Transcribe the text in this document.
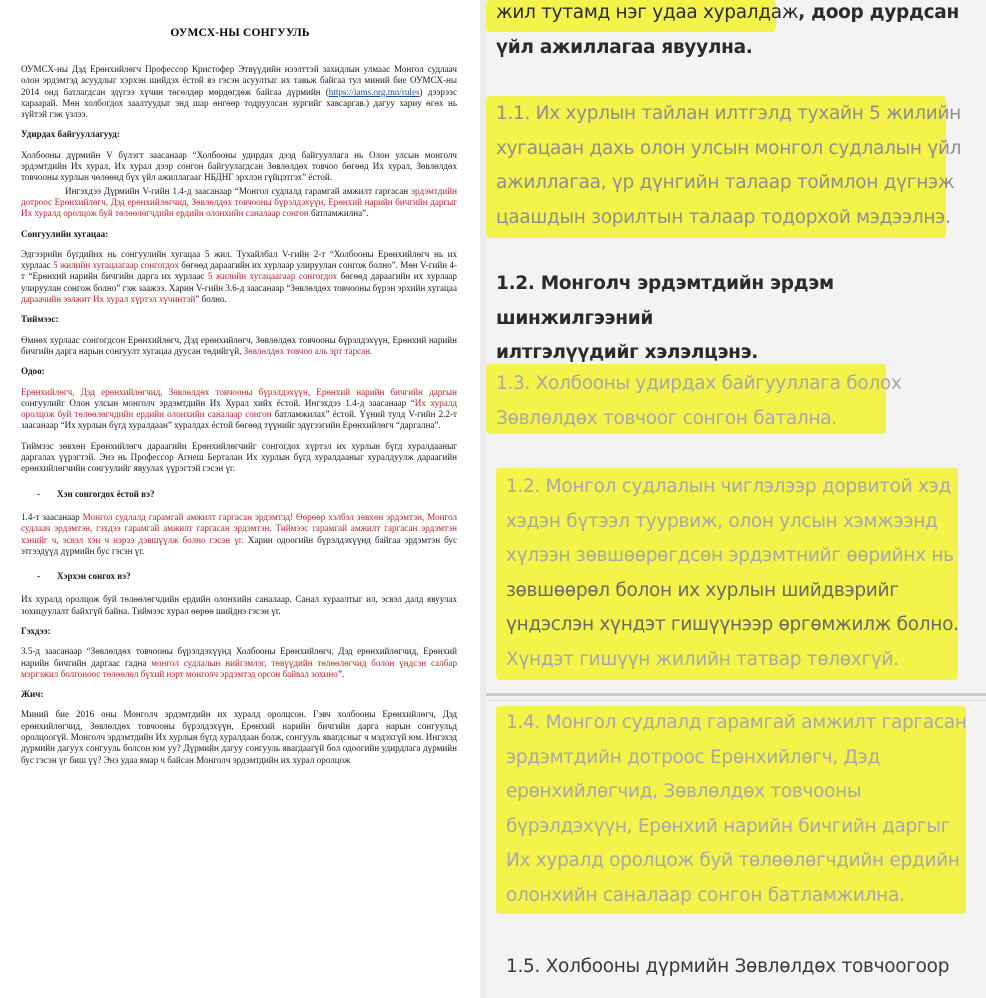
ОУМСХ-НЫ СОНГУУЛЬ

ОУМСХ-ны Дэд Ерөнхийлөгч Профессор Кристофер Этвүүдийн нээлттэй захидлын улмаас Монгол судлаач олон эрдэмтэд асуудлыг хэрхэн шийдэх ёстой вэ гэсэн асуултыг их тавьж байгаа тул миний бие ОУМСХ-ны 2014 онд батлагдсан эдүгээ хүчин төгөлдөр мөрдөгдөж байгаа дүрмийн (https://iams.org.mn/rules) дээрээс хараарай. Мөн холбогдох заалтуудыг энд шар өнгөөр тодруулсан зургийг хавсаргав.) дагуу хариу өгөх нь зүйтэй гэж үзлээ.

Удирдах байгууллагууд:

Холбооны дүрмийн V бүлэгт заасанаар “Холбооны удирдах дээд байгууллага нь Олон улсын монголч эрдэмтдийн Их хурал, Их хурал дээр сонгон байгуулагдсан Зөвлөлдөх товчоо бөгөөд Их хурал, Зөвлөлдөх товчооны хурлын чөлөөнд бүх үйл ажиллагааг НБДНГ эрхлэн гүйцэтгэх” ёстой.

Ингэхдээ Дүрмийн V-гийн 1.4-д заасанаар “Монгол судлалд гарамгай амжилт гаргасан эрдэмтдийн дотроос Ерөнхийлөгч, Дэд ерөнхийлөгчид, Зөвлөлдөх товчооны бүрэлдэхүүн, Ерөнхий нарийн бичгийн даргыг Их хуралд оролцож буй төлөөлөгчдийн ердийн олонхийн саналаар сонгон батламжилна”.

Сонгуулийн хугацаа:

Эдгээрийн бүгдийнх нь сонгуулийн хугацаа 5 жил. Тухайлбал V-гийн 2-т “Холбооны Ерөнхийлөгч нь их хурлаас 5 жилийн хугацаагаар сонгогдох бөгөөд дараагийн их хурлаар улируулан сонгож болно”. Мөн V-гийн 4-т “Ерөнхий нарийн бичгийн дарга их хурлаас 5 жилийн хугацаагаар сонгогдох бөгөөд дараагийн их хурлаар улируулан сонгож болно” гэж заажээ. Харин V-гийн 3.6-д заасанаар “Зөвлөлдөх товчооны бүрэн эрхийн хугацаа дараачийн ээлжит Их хурал хүртэл хүчинтэй” болно.

Тиймээс:

Өмнөх хурлаас сонгогдсон Ерөнхийлөгч, Дэд ерөнхийлөгч, Зөвлөлдөх товчооны бүрэлдэхүүн, Ерөнхий нарийн бичгийн дарга нарын сонгуулт хугацаа дуусан төдийгүй, Зөвлөлдөх товчоо аль эрт тарсан.

Одоо:

Ерөнхийлөгч, Дэд ерөнхийлөгчид, Зөвлөлдөх товчооны бүрэлдэхүүн, Ерөнхий нарийн бичгийн даргын сонгуулийг Олон улсын монголч эрдэмтдийн Их Хурал хийх ёстой. Ингэхдээ 1.4-д заасанаар “Их хуралд оролцож буй төлөөлөгчдийн ердийн олонхийн саналаар сонгон батламжилах” ёстой. Үүний тулд V-гийн 2.2-т заасанаар “Их хурлын бүгд хуралдаан” хуралдах ёстой бөгөөд түүнийг эдүгээгийн Ерөнхийлөгч “даргална”.

Тиймээс зөвхөн Ерөнхийлөгч дараагийн Ерөнхийлөгчийг сонгогдох хүртэл их хурлын бүгд хуралдааныг даргалах үүрэгтэй. Энэ нь Профессор Агнеш Берталан Их хурлын бүгд хуралдааныг хуралдуулж дараагийн ерөнхийлөгчийн сонгуулийг явуулах үүрэгтэй гэсэн үг.

- Хэн сонгогдох ёстой вэ?

1.4-т заасанаар Монгол судлалд гарамгай амжилт гаргасан эрдэмтэд! Өөрөөр хэлбэл зөвхөн эрдэмтэн, Монгол судлаач эрдэмтэн, гэхдээ гарамгай амжилт гаргасан эрдэмтэн. Тиймээс гарамгай амжилт гаргасан эрдэмтэн хэнийг ч, эсвэл хэн ч нэрээ дэвшүүлж болно гэсэн үг. Харин одоогийн бүрэлдэхүүнд байгаа эрдэмтэн бус этгээдүүд дүрмийн бус гэсэн үг.

- Хэрхэн сонгох вэ?

Их хуралд оролцож буй төлөөлөгчдийн ердийн олонхийн саналаар. Санал хураалтыг ил, эсвэл далд явуулах зохицуулалт байхгүй байна. Тиймээс хурал өөрөө шийднэ гэсэн үг.

Гэхдээ:

3.5-д заасанаар “Зөвлөлдөх товчооны бүрэлдэхүүнд Холбооны Ерөнхийлөгч, Дэд ерөнхийлөгчид, Ерөнхий нарийн бичгийн даргаас гадна монгол судлалын нийгэмлэг, төвүүдийн төлөөлөгчид болон үндсэн салбар мэргэжил болгоноос төлөөлөл бүхий нэрт монголч эрдэмтэд орсон байвал зохино”.

Жич:

Миний бие 2016 оны Монголч эрдэмтдийн их хуралд оролцсон. Гэвч холбооны Ерөнхийлөгч, Дэд ерөнхийлөгчид, Зөвлөлдөх товчооны бүрэлдэхүүн, Ерөнхий нарийн бичгийн дарга нарын сонгуульд оролцоогүй. Монголч эрдэмтдийн Их хурлын бүгд хуралдаан болж, сонгууль явагдсныг ч мэдэхгүй юм. Ингэхэд дүрмийн дагуух сонгууль болсон юм уу? Дүрмийн дагуу сонгууль явагдаагүй бол одоогийн удирдлага дүрмийн бус гэсэн үг биш үү? Энэ удаа ямар ч байсан Монголч эрдэмтдийн их хурал оролцож

жил тутамд нэг удаа хуралдаж, доор дурдсан
үйл ажиллагаа явуулна.
1.1. Их хурлын тайлан илтгэлд тухайн 5 жилийн
хугацаан дахь олон улсын монгол судлалын үйл
ажиллагаа, үр дүнгийн талаар тоймлон дүгнэж
цаашдын зорилтын талаар тодорхой мэдээлнэ.
1.2. Монголч эрдэмтдийн эрдэм шинжилгээний
илтгэлүүдийг хэлэлцэнэ.
1.3. Холбооны удирдах байгууллага болох
Зөвлөлдөх товчоог сонгон батална.
1.2. Монгол судлалын чиглэлээр дорвитой хэд
хэдэн бүтээл туурвиж, олон улсын хэмжээнд
хүлээн зөвшөөрөгдсөн эрдэмтнийг өөрийнх нь
зөвшөөрөл болон их хурлын шийдвэрийг
үндэслэн хүндэт гишүүнээр өргөмжилж болно.
Хүндэт гишүүн жилийн татвар төлөхгүй.
1.4. Монгол судлалд гарамгай амжилт гаргасан
эрдэмтдийн дотроос Ерөнхийлөгч, Дэд
ерөнхийлөгчид, Зөвлөлдөх товчооны
бүрэлдэхүүн, Ерөнхий нарийн бичгийн даргыг
Их хуралд оролцож буй төлөөлөгчдийн ердийн
олонхийн саналаар сонгон батламжилна.
1.5. Холбооны дүрмийн Зөвлөлдөх товчоогоор
